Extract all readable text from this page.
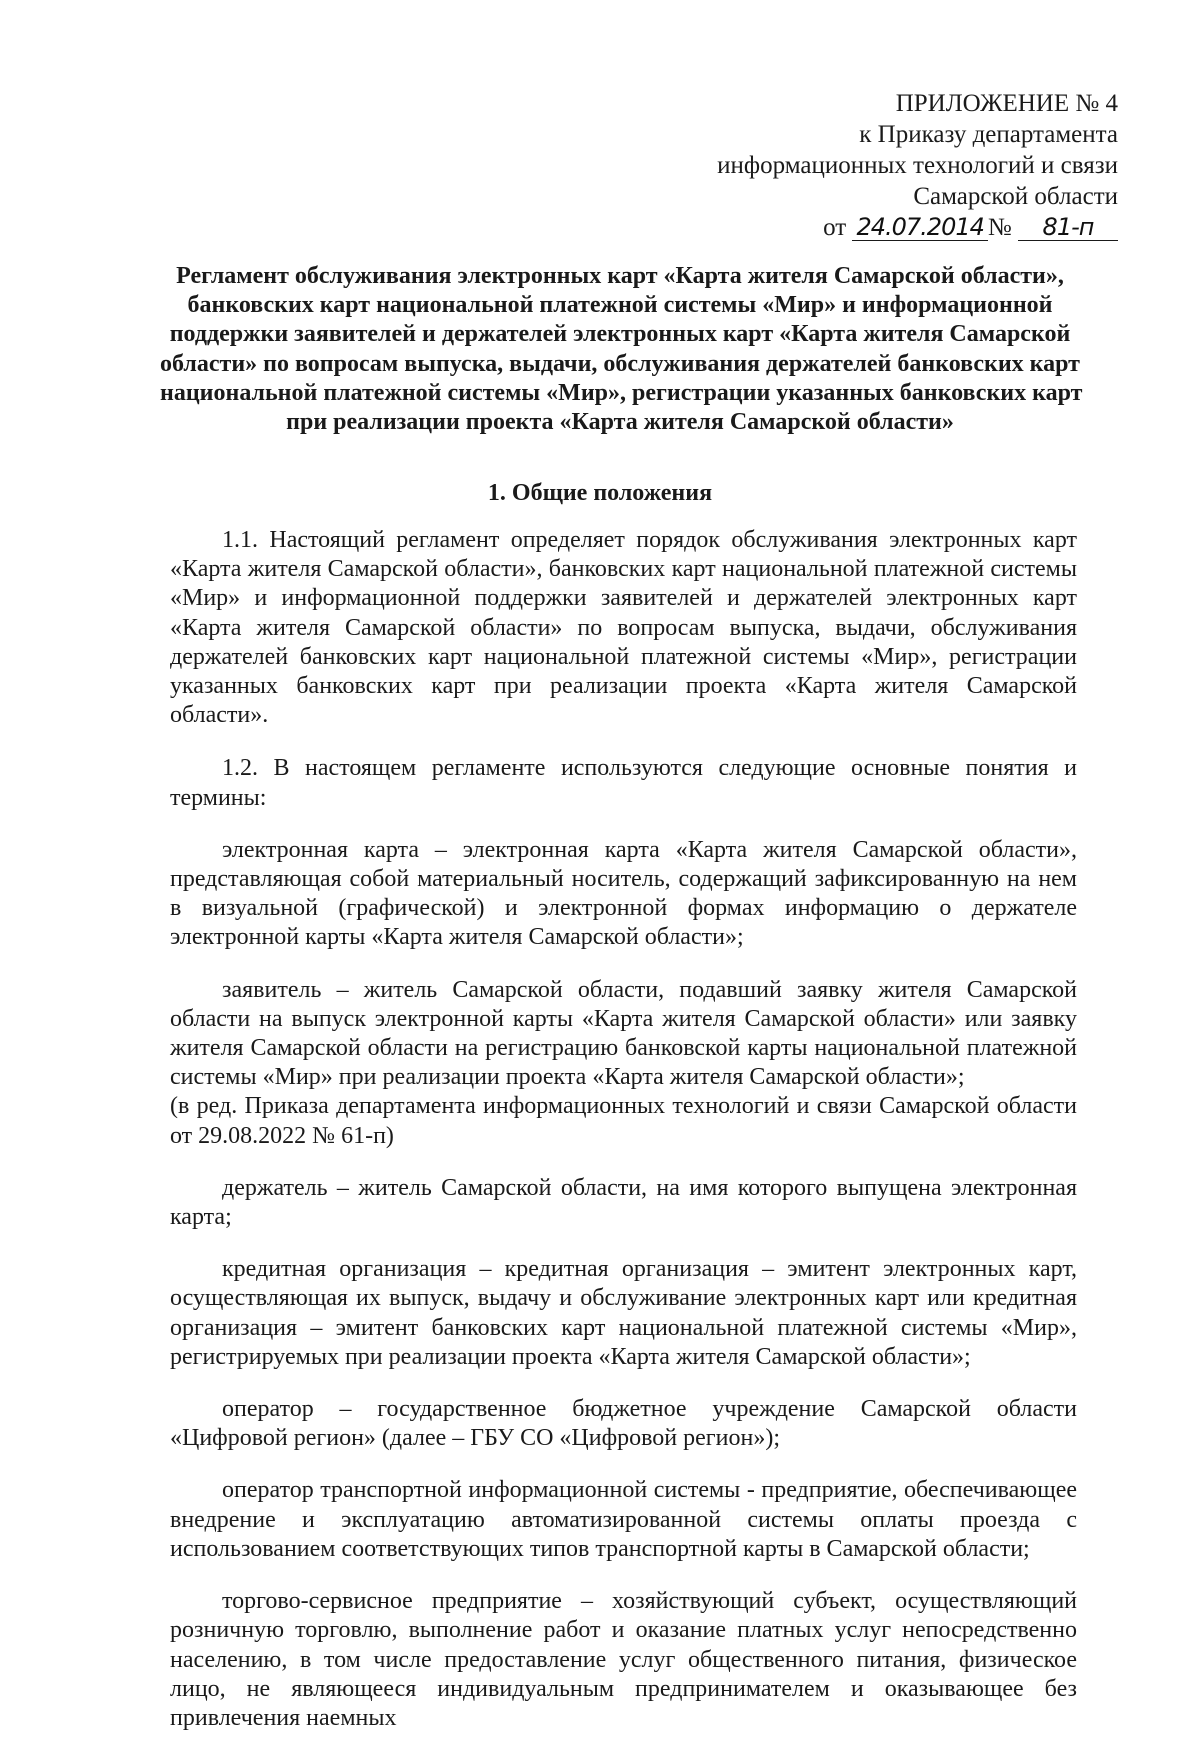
ПРИЛОЖЕНИЕ № 4
к Приказу департамента
информационных технологий и связи
Самарской области
от 24.07.2014 № 81-п
Регламент обслуживания электронных карт «Карта жителя Самарской области»,
банковских карт национальной платежной системы «Мир» и информационной
поддержки заявителей и держателей электронных карт «Карта жителя Самарской
области» по вопросам выпуска, выдачи, обслуживания держателей банковских карт
национальной платежной системы «Мир», регистрации указанных банковских карт
при реализации проекта «Карта жителя Самарской области»
1. Общие положения

1.1. Настоящий регламент определяет порядок обслуживания электронных карт «Карта жителя Самарской области», банковских карт национальной платежной системы «Мир» и информационной поддержки заявителей и держателей электронных карт «Карта жителя Самарской области» по вопросам выпуска, выдачи, обслуживания держателей банковских карт национальной платежной системы «Мир», регистрации указанных банковских карт при реализации проекта «Карта жителя Самарской области».

1.2. В настоящем регламенте используются следующие основные понятия и термины:

электронная карта – электронная карта «Карта жителя Самарской области», представляющая собой материальный носитель, содержащий зафиксированную на нем в визуальной (графической) и электронной формах информацию о держателе электронной карты «Карта жителя Самарской области»;

заявитель – житель Самарской области, подавший заявку жителя Самарской области на выпуск электронной карты «Карта жителя Самарской области» или заявку жителя Самарской области на регистрацию банковской карты национальной платежной системы «Мир» при реализации проекта «Карта жителя Самарской области»;

(в ред. Приказа департамента информационных технологий и связи Самарской области от 29.08.2022 № 61-п)

держатель – житель Самарской области, на имя которого выпущена электронная карта;

кредитная организация – кредитная организация – эмитент электронных карт, осуществляющая их выпуск, выдачу и обслуживание электронных карт или кредитная организация – эмитент банковских карт национальной платежной системы «Мир», регистрируемых при реализации проекта «Карта жителя Самарской области»;

оператор – государственное бюджетное учреждение Самарской области «Цифровой регион» (далее – ГБУ СО «Цифровой регион»);

оператор транспортной информационной системы - предприятие, обеспечивающее внедрение и эксплуатацию автоматизированной системы оплаты проезда с использованием соответствующих типов транспортной карты в Самарской области;

торгово-сервисное предприятие – хозяйствующий субъект, осуществляющий розничную торговлю, выполнение работ и оказание платных услуг непосредственно населению, в том числе предоставление услуг общественного питания, физическое лицо, не являющееся индивидуальным предпринимателем и оказывающее без привлечения наемных
